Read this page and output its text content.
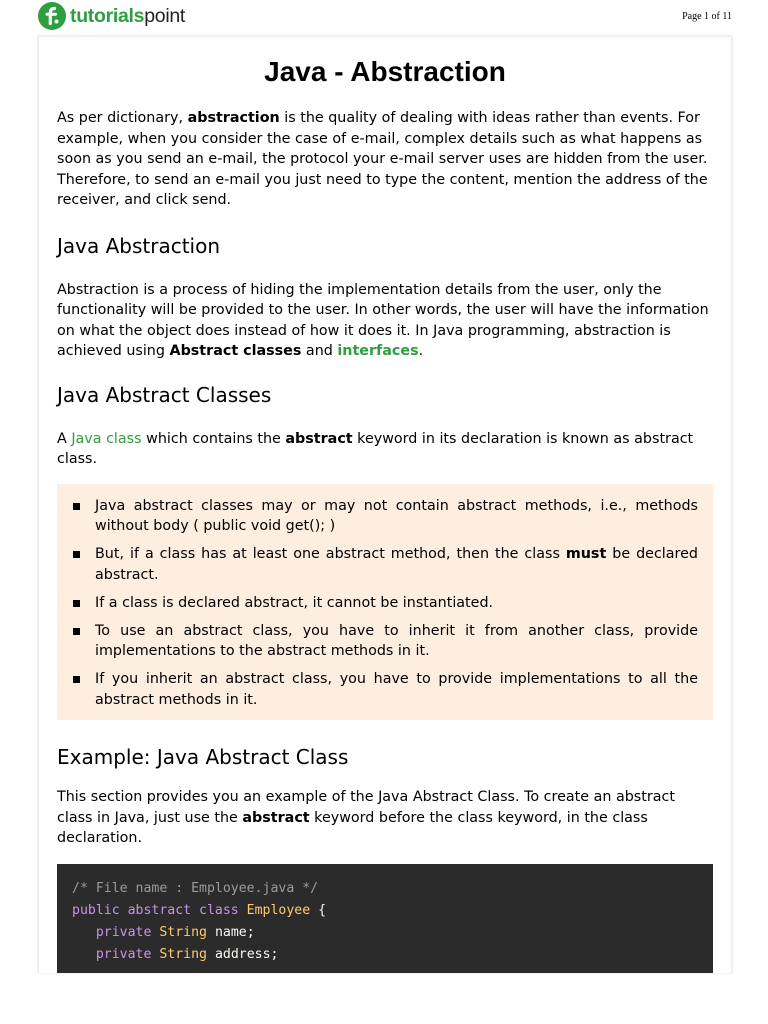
tutorialspoint	Page 1 of 11
Java - Abstraction

As per dictionary, abstraction is the quality of dealing with ideas rather than events. For example, when you consider the case of e-mail, complex details such as what happens as soon as you send an e-mail, the protocol your e-mail server uses are hidden from the user. Therefore, to send an e-mail you just need to type the content, mention the address of the receiver, and click send.

Java Abstraction

Abstraction is a process of hiding the implementation details from the user, only the functionality will be provided to the user. In other words, the user will have the information on what the object does instead of how it does it. In Java programming, abstraction is achieved using Abstract classes and interfaces.

Java Abstract Classes

A Java class which contains the abstract keyword in its declaration is known as abstract class.

Java abstract classes may or may not contain abstract methods, i.e., methods without body ( public void get(); )
But, if a class has at least one abstract method, then the class must be declared abstract.
If a class is declared abstract, it cannot be instantiated.
To use an abstract class, you have to inherit it from another class, provide implementations to the abstract methods in it.
If you inherit an abstract class, you have to provide implementations to all the abstract methods in it.
Example: Java Abstract Class

This section provides you an example of the Java Abstract Class. To create an abstract class in Java, just use the abstract keyword before the class keyword, in the class declaration.

/* File name : Employee.java */
public abstract class Employee {
private String name;
private String address;
